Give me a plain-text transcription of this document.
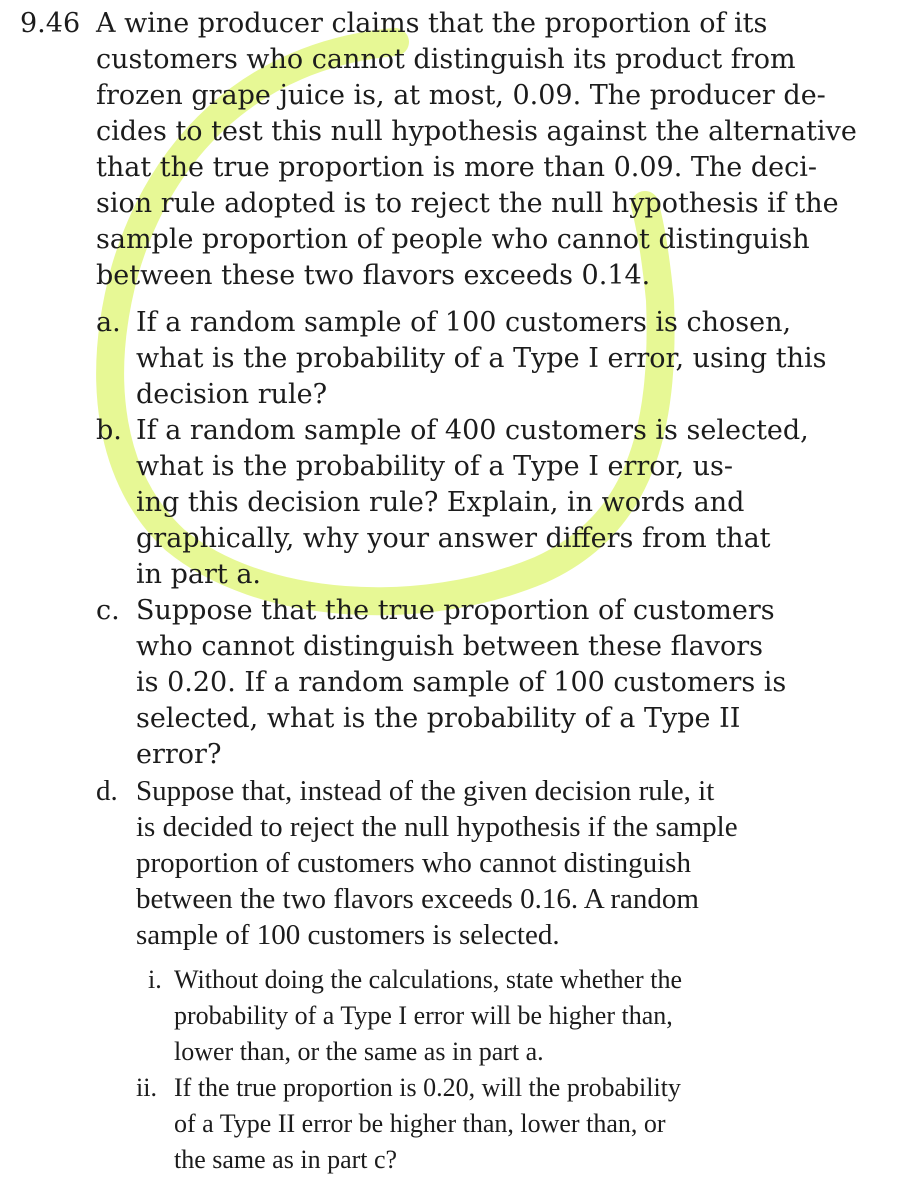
9.46 A wine producer claims that the proportion of its
customers who cannot distinguish its product from
frozen grape juice is, at most, 0.09. The producer de-
cides to test this null hypothesis against the alternative
that the true proportion is more than 0.09. The deci-
sion rule adopted is to reject the null hypothesis if the
sample proportion of people who cannot distinguish
between these two flavors exceeds 0.14.
a. If a random sample of 100 customers is chosen,
what is the probability of a Type I error, using this
decision rule?
b. If a random sample of 400 customers is selected,
what is the probability of a Type I error, us-
ing this decision rule? Explain, in words and
graphically, why your answer differs from that
in part a.
c. Suppose that the true proportion of customers
who cannot distinguish between these flavors
is 0.20. If a random sample of 100 customers is
selected, what is the probability of a Type II
error?
d. Suppose that, instead of the given decision rule, it
is decided to reject the null hypothesis if the sample
proportion of customers who cannot distinguish
between the two flavors exceeds 0.16. A random
sample of 100 customers is selected.
i. Without doing the calculations, state whether the
probability of a Type I error will be higher than,
lower than, or the same as in part a.
ii. If the true proportion is 0.20, will the probability
of a Type II error be higher than, lower than, or
the same as in part c?
